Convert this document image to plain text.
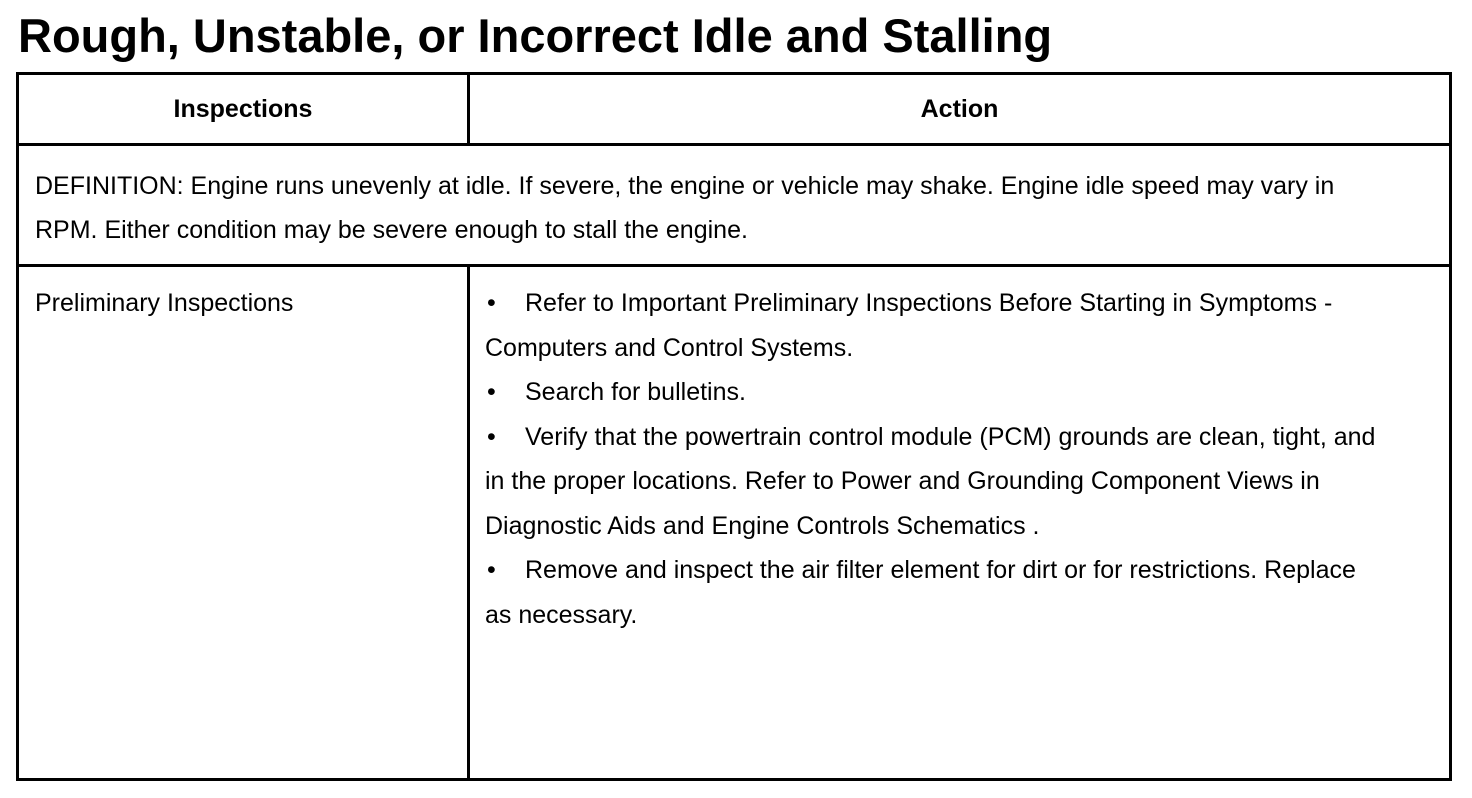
Rough, Unstable, or Incorrect Idle and Stalling
Inspections	Action

DEFINITION: Engine runs unevenly at idle. If severe, the engine or vehicle may shake. Engine idle speed may vary in RPM. Either condition may be severe enough to stall the engine.

Preliminary Inspections	• Refer to Important Preliminary Inspections Before Starting in Symptoms - Computers and Control Systems.
• Search for bulletins.
• Verify that the powertrain control module (PCM) grounds are clean, tight, and in the proper locations. Refer to Power and Grounding Component Views in Diagnostic Aids and Engine Controls Schematics .
• Remove and inspect the air filter element for dirt or for restrictions. Replace as necessary.
